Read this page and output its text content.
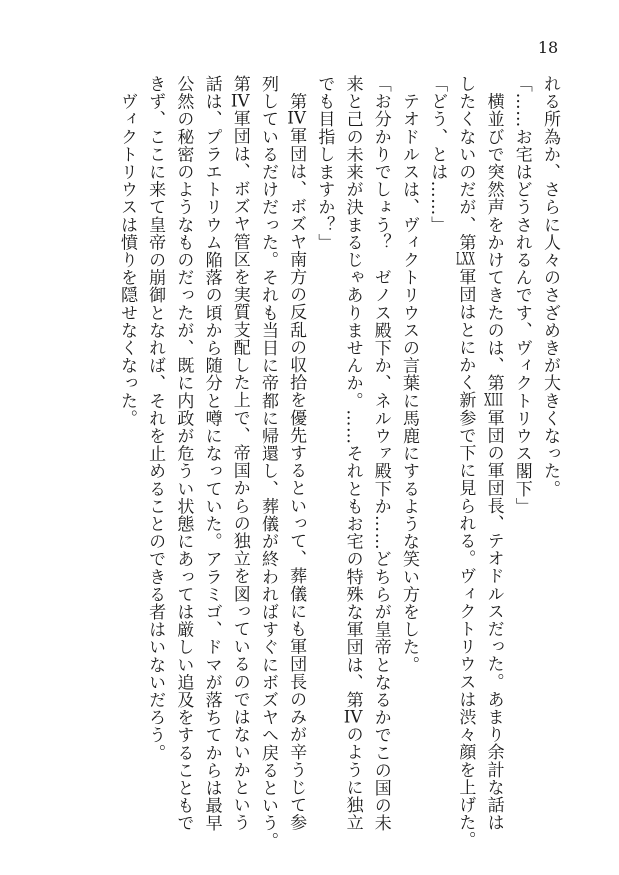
18

れる所為か、さらに人々のさざめきが大きくなった。

「……お宅はどうされるんです、ヴィクトリウス閣下」

　横並びで突然声をかけてきたのは、第XIII軍団の軍団長、テオドルスだった。あまり余計な話は

したくないのだが、第LXX軍団はとにかく新参で下に見られる。ヴィクトリウスは渋々顔を上げた。

「どう、とは……」

　テオドルスは、ヴィクトリウスの言葉に馬鹿にするような笑い方をした。

「お分かりでしょう？　ゼノス殿下か、ネルウァ殿下か……どちらが皇帝となるかでこの国の未

来と己の未来が決まるじゃありませんか。……それともお宅の特殊な軍団は、第IVのように独立

でも目指しますか？」

　第IV軍団は、ボズヤ南方の反乱の収拾を優先するといって、葬儀にも軍団長のみが辛うじて参

列しているだけだった。それも当日に帝都に帰還し、葬儀が終わればすぐにボズヤへ戻るという。

第IV軍団は、ボズヤ管区を実質支配した上で、帝国からの独立を図っているのではないかという

話は、プラエトリウム陥落の頃から随分と噂になっていた。アラミゴ、ドマが落ちてからは最早

公然の秘密のようなものだったが、既に内政が危うい状態にあっては厳しい追及をすることもで

きず、ここに来て皇帝の崩御となれば、それを止めることのできる者はいないだろう。

　ヴィクトリウスは憤りを隠せなくなった。
